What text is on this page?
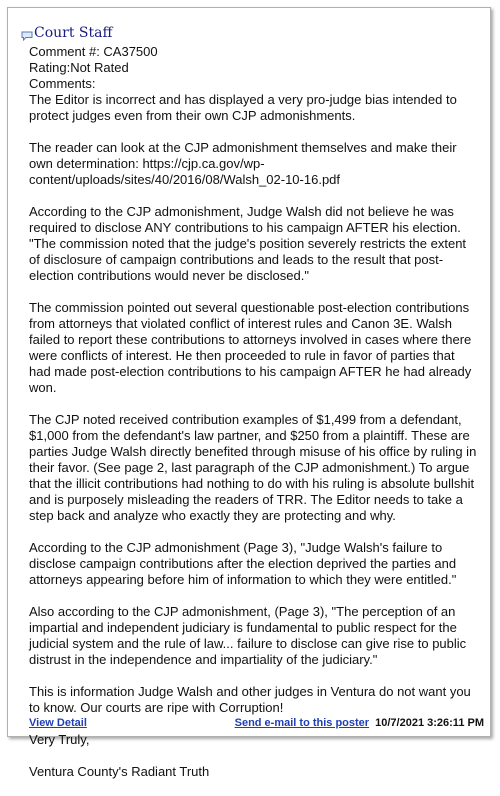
Court Staff
Comment #: CA37500
Rating:Not Rated
Comments:

The Editor is incorrect and has displayed a very pro-judge bias intended to protect judges even from their own CJP admonishments.

The reader can look at the CJP admonishment themselves and make their own determination: https://cjp.ca.gov/wp-content/uploads/sites/40/2016/08/Walsh_02-10-16.pdf

According to the CJP admonishment, Judge Walsh did not believe he was required to disclose ANY contributions to his campaign AFTER his election. "The commission noted that the judge's position severely restricts the extent of disclosure of campaign contributions and leads to the result that post-election contributions would never be disclosed."

The commission pointed out several questionable post-election contributions from attorneys that violated conflict of interest rules and Canon 3E. Walsh failed to report these contributions to attorneys involved in cases where there were conflicts of interest. He then proceeded to rule in favor of parties that had made post-election contributions to his campaign AFTER he had already won.

The CJP noted received contribution examples of $1,499 from a defendant, $1,000 from the defendant's law partner, and $250 from a plaintiff. These are parties Judge Walsh directly benefited through misuse of his office by ruling in their favor. (See page 2, last paragraph of the CJP admonishment.) To argue that the illicit contributions had nothing to do with his ruling is absolute bullshit and is purposely misleading the readers of TRR. The Editor needs to take a step back and analyze who exactly they are protecting and why.

According to the CJP admonishment (Page 3), "Judge Walsh's failure to disclose campaign contributions after the election deprived the parties and attorneys appearing before him of information to which they were entitled."

Also according to the CJP admonishment, (Page 3), "The perception of an impartial and independent judiciary is fundamental to public respect for the judicial system and the rule of law... failure to disclose can give rise to public distrust in the independence and impartiality of the judiciary."

This is information Judge Walsh and other judges in Ventura do not want you to know. Our courts are ripe with Corruption!

Very Truly,

Ventura County's Radiant Truth

View Detail	Send e-mail to this poster 10/7/2021 3:26:11 PM
